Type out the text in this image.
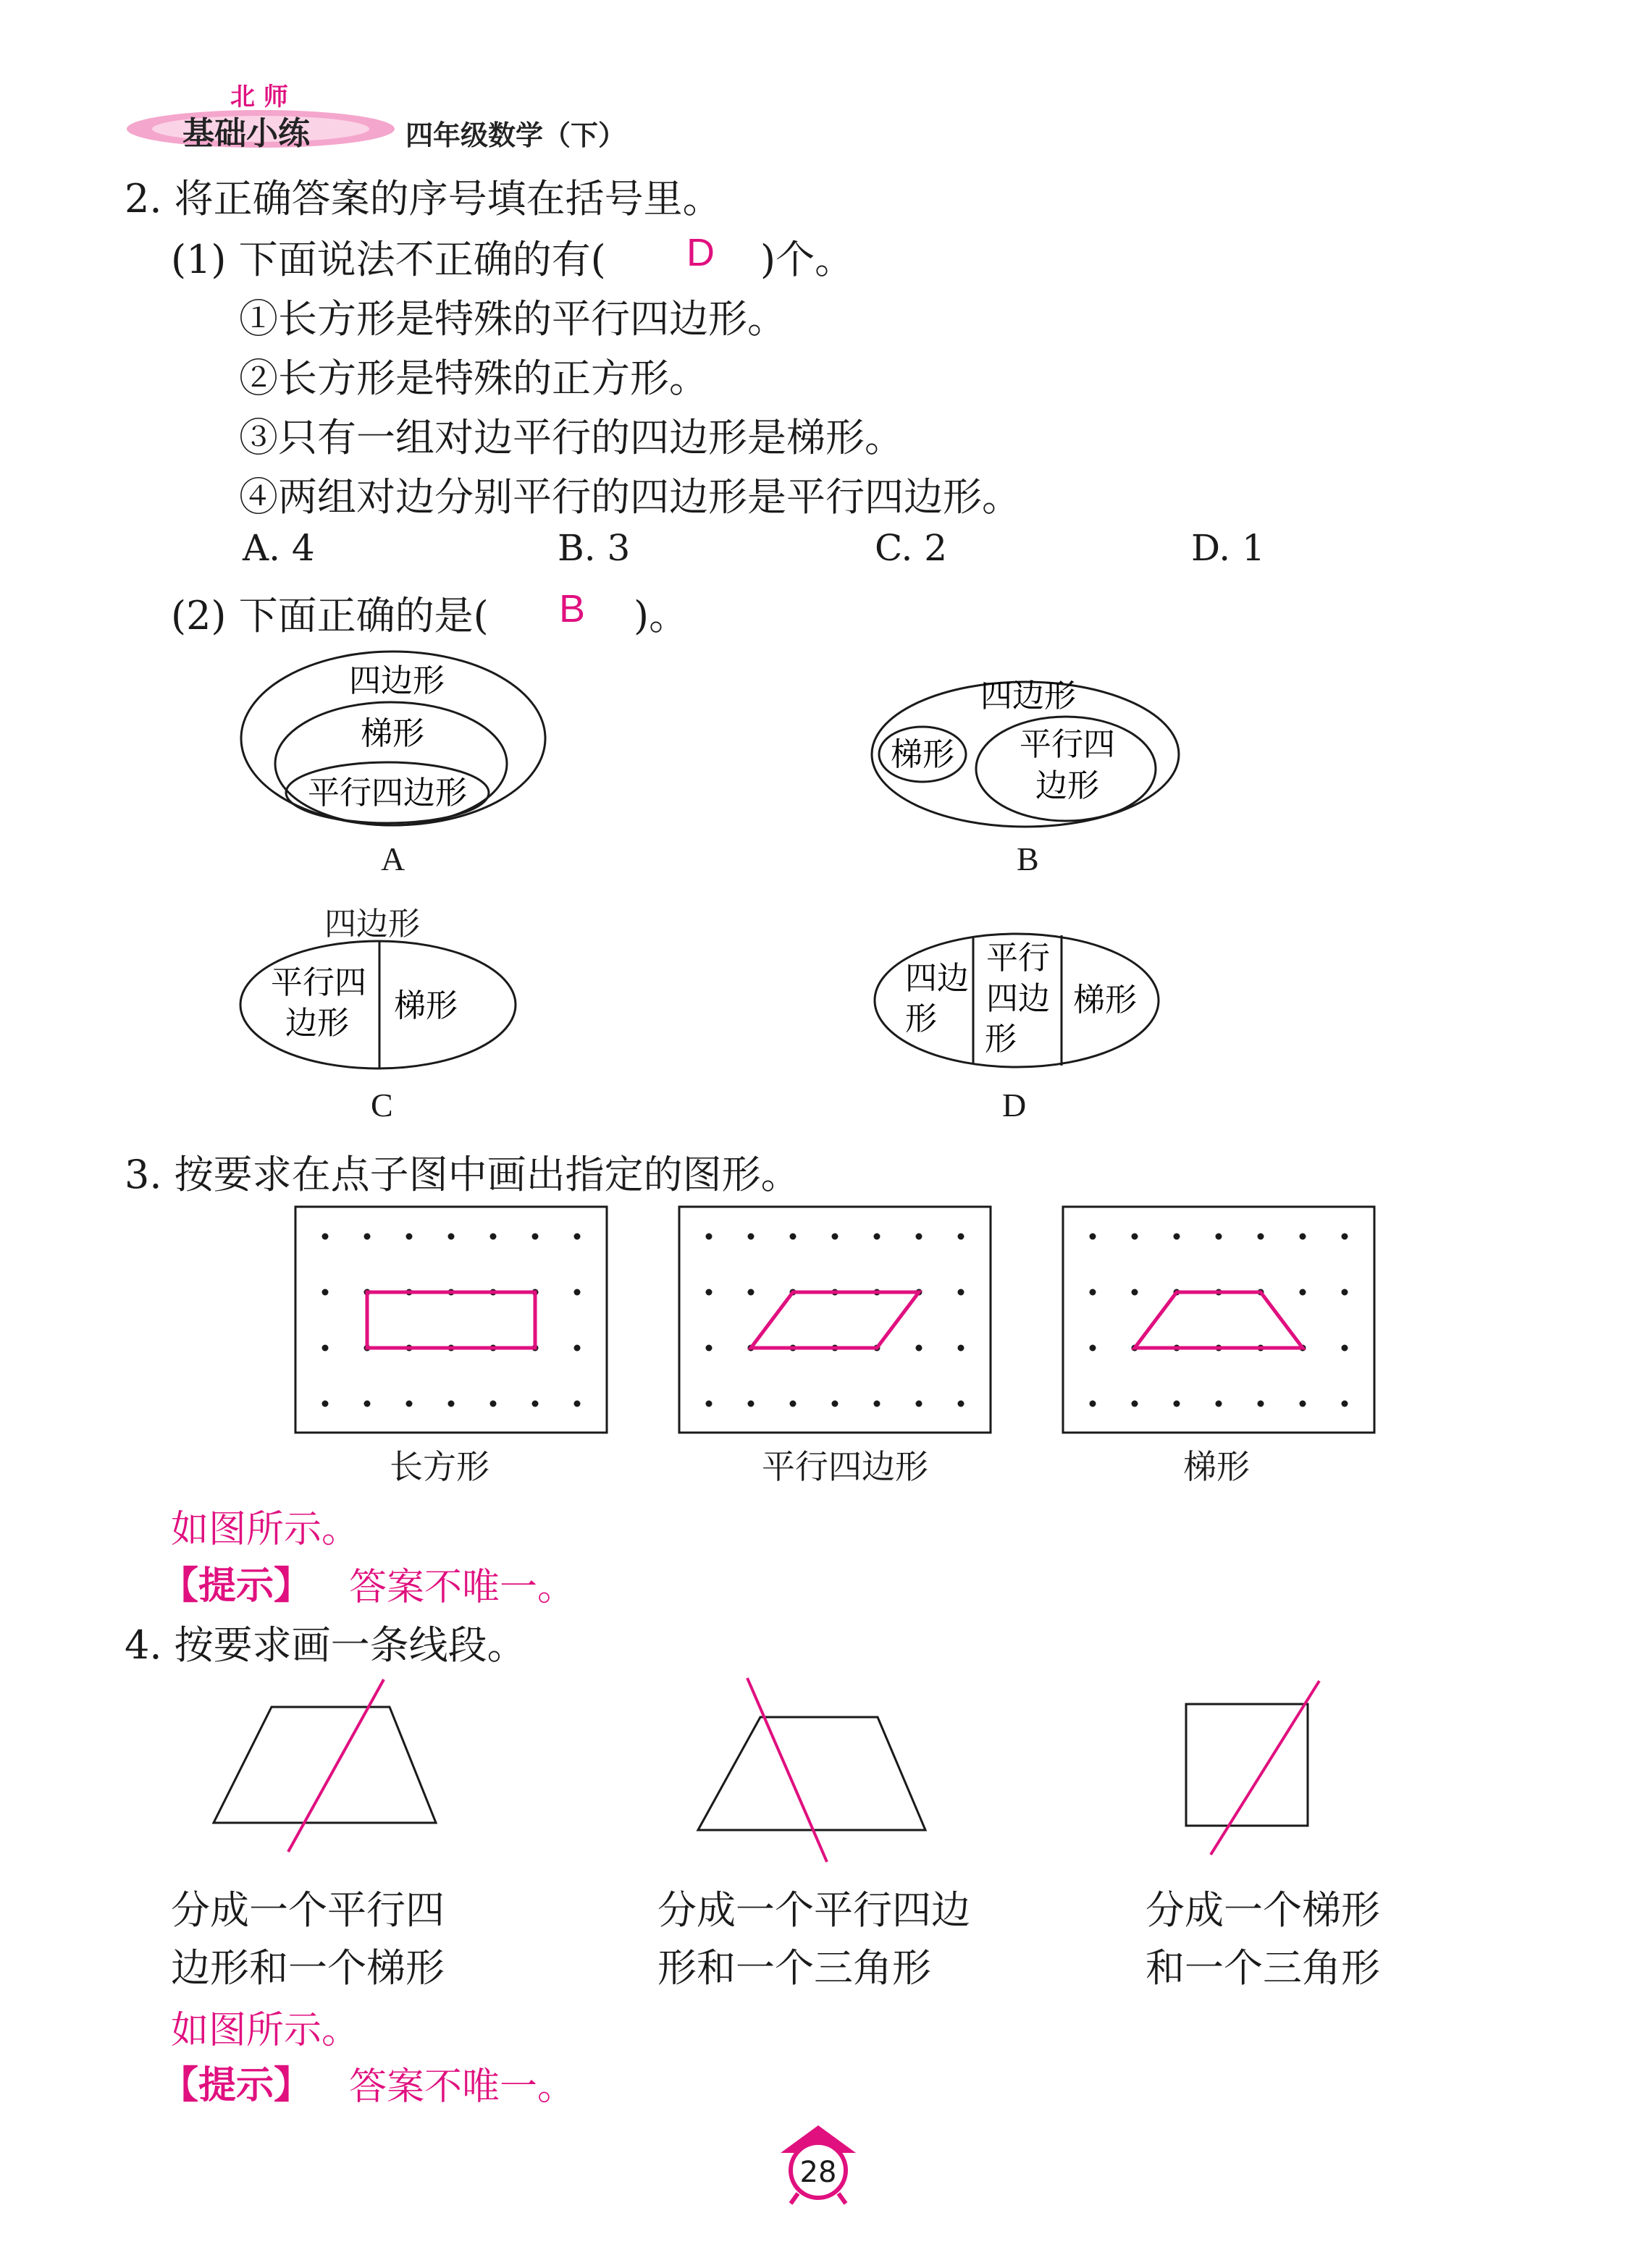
北 师
基础小练	四年级数学（下）
2. 将正确答案的序号填在括号里。
(1) 下面说法不正确的有( D )个。
①长方形是特殊的平行四边形。
②长方形是特殊的正方形。
③只有一组对边平行的四边形是梯形。
④两组对边分别平行的四边形是平行四边形。
A. 4	B. 3	C. 2	D. 1
(2) 下面正确的是( B )。
四边形
梯形
平行四边形
A
四边形
梯形 平行四
边形
B
四边形
平行四
边形 梯形
C
四边
形
平行
四边
形
梯形
D
3. 按要求在点子图中画出指定的图形。
长方形	平行四边形	梯形
如图所示。
【提示】 答案不唯一。
4. 按要求画一条线段。
分成一个平行四
边形和一个梯形
分成一个平行四边
形和一个三角形
分成一个梯形
和一个三角形
如图所示。
【提示】 答案不唯一。
28
